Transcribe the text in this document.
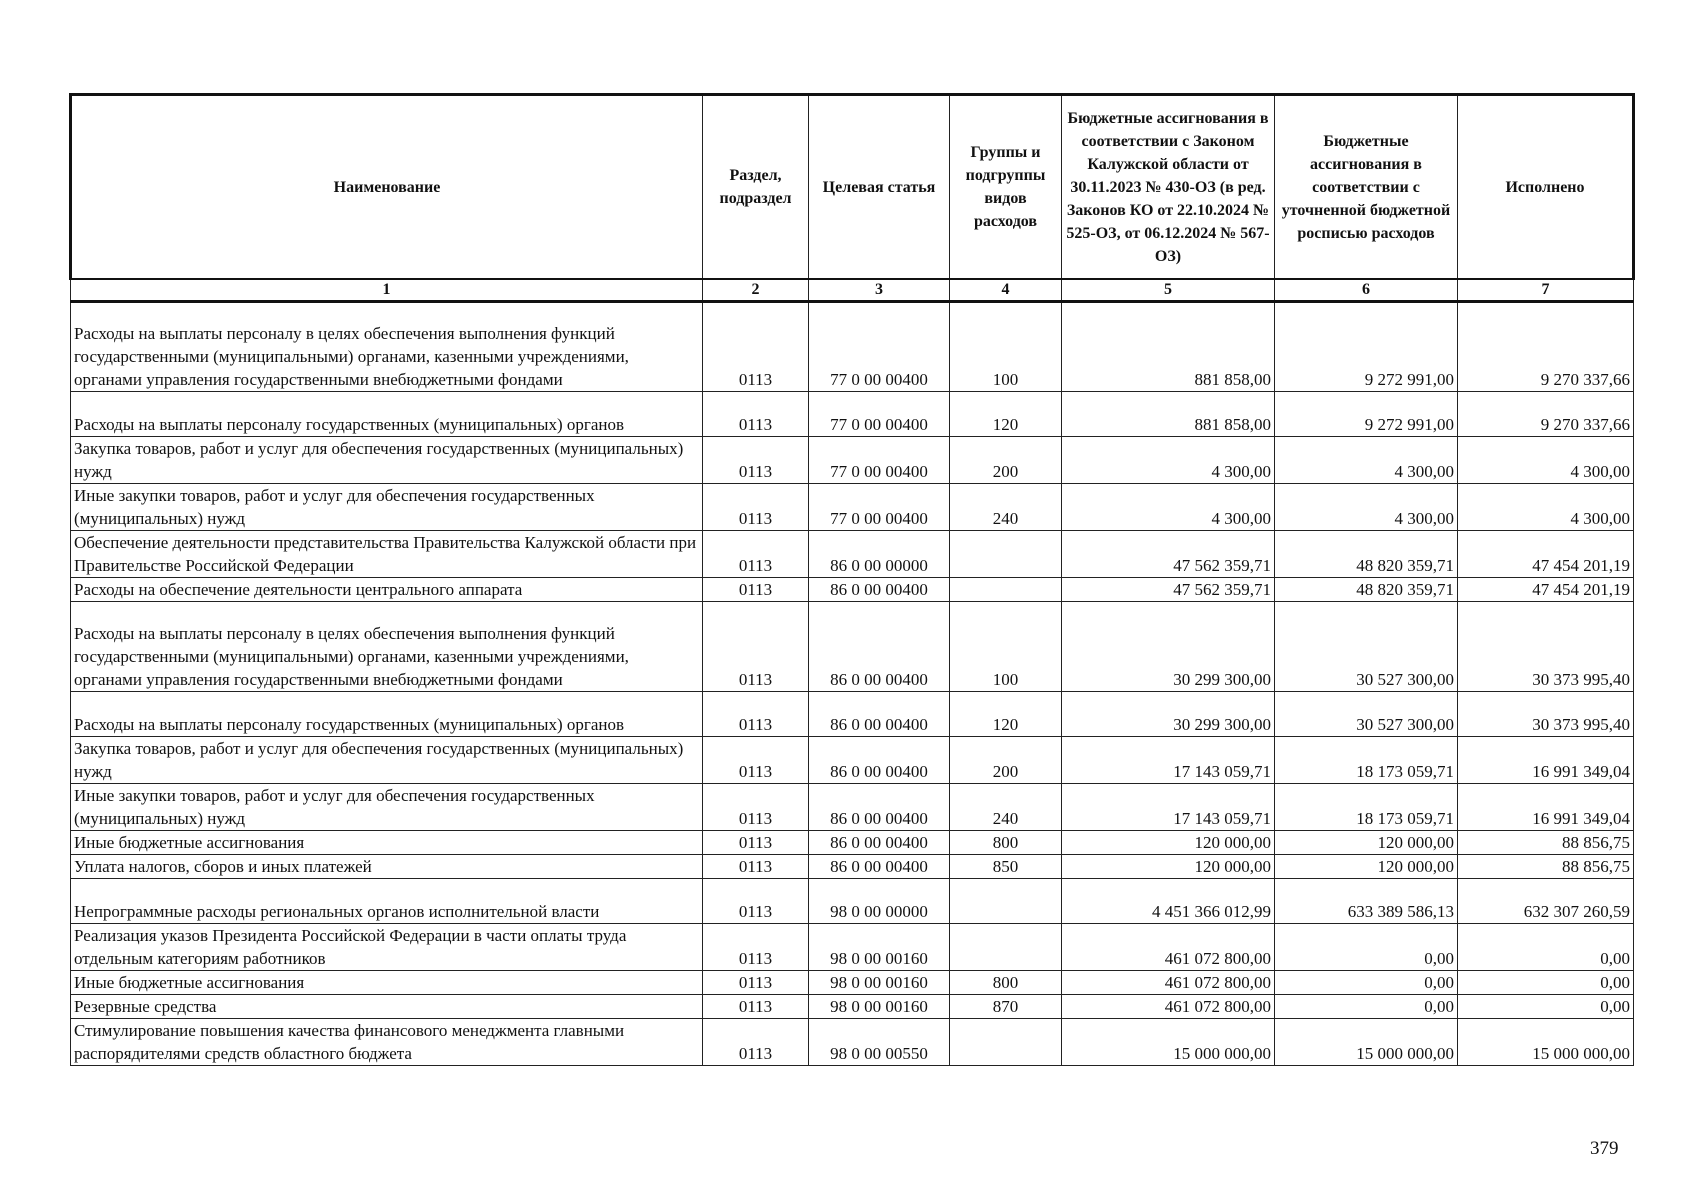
Наименование	Раздел, подраздел	Целевая статья	Группы и подгруппы видов расходов	Бюджетные ассигнования в соответствии с Законом Калужской области от 30.11.2023 № 430-ОЗ (в ред. Законов КО от 22.10.2024 № 525-ОЗ, от 06.12.2024 № 567-ОЗ)	Бюджетные ассигнования в соответствии с уточненной бюджетной росписью расходов	Исполнено
1	2	3	4	5	6	7
Расходы на выплаты персоналу в целях обеспечения выполнения функций государственными (муниципальными) органами, казенными учреждениями, органами управления государственными внебюджетными фондами	0113	77 0 00 00400	100	881 858,00	9 272 991,00	9 270 337,66
Расходы на выплаты персоналу государственных (муниципальных) органов	0113	77 0 00 00400	120	881 858,00	9 272 991,00	9 270 337,66
Закупка товаров, работ и услуг для обеспечения государственных (муниципальных) нужд	0113	77 0 00 00400	200	4 300,00	4 300,00	4 300,00
Иные закупки товаров, работ и услуг для обеспечения государственных (муниципальных) нужд	0113	77 0 00 00400	240	4 300,00	4 300,00	4 300,00
Обеспечение деятельности представительства Правительства Калужской области при Правительстве Российской Федерации	0113	86 0 00 00000		47 562 359,71	48 820 359,71	47 454 201,19
Расходы на обеспечение деятельности центрального аппарата	0113	86 0 00 00400		47 562 359,71	48 820 359,71	47 454 201,19
Расходы на выплаты персоналу в целях обеспечения выполнения функций государственными (муниципальными) органами, казенными учреждениями, органами управления государственными внебюджетными фондами	0113	86 0 00 00400	100	30 299 300,00	30 527 300,00	30 373 995,40
Расходы на выплаты персоналу государственных (муниципальных) органов	0113	86 0 00 00400	120	30 299 300,00	30 527 300,00	30 373 995,40
Закупка товаров, работ и услуг для обеспечения государственных (муниципальных) нужд	0113	86 0 00 00400	200	17 143 059,71	18 173 059,71	16 991 349,04
Иные закупки товаров, работ и услуг для обеспечения государственных (муниципальных) нужд	0113	86 0 00 00400	240	17 143 059,71	18 173 059,71	16 991 349,04
Иные бюджетные ассигнования	0113	86 0 00 00400	800	120 000,00	120 000,00	88 856,75
Уплата налогов, сборов и иных платежей	0113	86 0 00 00400	850	120 000,00	120 000,00	88 856,75
Непрограммные расходы региональных органов исполнительной власти	0113	98 0 00 00000		4 451 366 012,99	633 389 586,13	632 307 260,59
Реализация указов Президента Российской Федерации в части оплаты труда отдельным категориям работников	0113	98 0 00 00160		461 072 800,00	0,00	0,00
Иные бюджетные ассигнования	0113	98 0 00 00160	800	461 072 800,00	0,00	0,00
Резервные средства	0113	98 0 00 00160	870	461 072 800,00	0,00	0,00
Стимулирование повышения качества финансового менеджмента главными распорядителями средств областного бюджета	0113	98 0 00 00550		15 000 000,00	15 000 000,00	15 000 000,00
379
